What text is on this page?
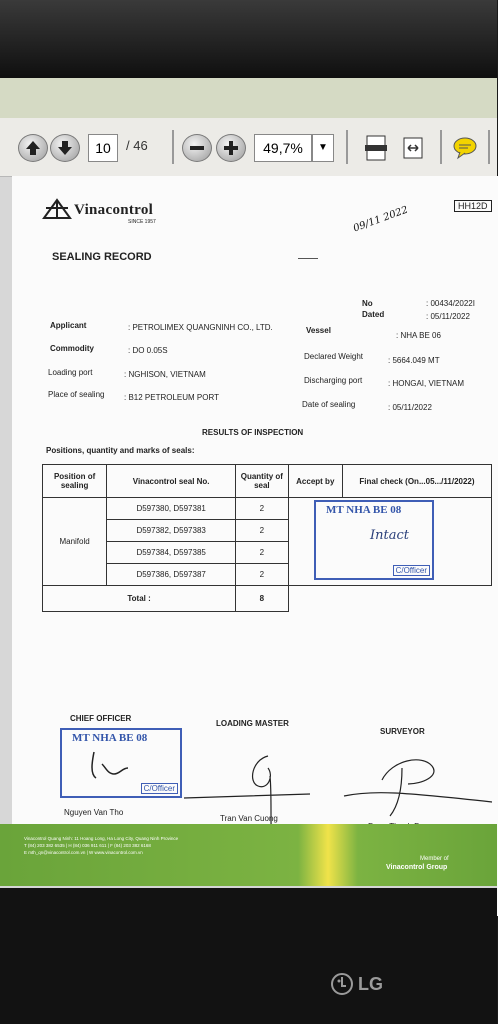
10	/ 46	49,7%	▼
Vinacontrol
SINCE 1957
HH12D
09/11 2022
SEALING RECORD
No	: 00434/2022I
Dated	: 05/11/2022
Applicant	: PETROLIMEX QUANGNINH CO., LTD.	Vessel
: NHA BE 06
Commodity	: DO 0.05S
Declared Weight	: 5664.049 MT
Loading port	: NGHISON, VIETNAM
Discharging port	: HONGAI, VIETNAM
Place of sealing : B12 PETROLEUM PORT
Date of sealing	: 05/11/2022
RESULTS OF INSPECTION
Positions, quantity and marks of seals:
Position of sealing	Vinacontrol seal No.	Quantity of seal	Accept by	Final check (On...05.../11/2022)
Manifold	D597380, D597381	2		
	D597382, D597383	2		
	D597384, D597385	2		
	D597386, D597387	2		
Total :		8		
MT NHA BE 08
Intact
C/Officer
CHIEF OFFICER
LOADING MASTER
SURVEYOR
MT NHA BE 08
C/Officer
Nguyen Van Tho
Tran Van Cuong
Vinacontrol Quang Ninh: 11 Hoang Long, Ha Long City, Quang Ninh Province
T (84) 203 382 6535 | H (84) 036 911 611 | F (84) 203 382 6168
E mth_qn@vinacontrol.com.vn | W www.vinacontrol.com.vn
Member of
Vinacontrol Group
LG
